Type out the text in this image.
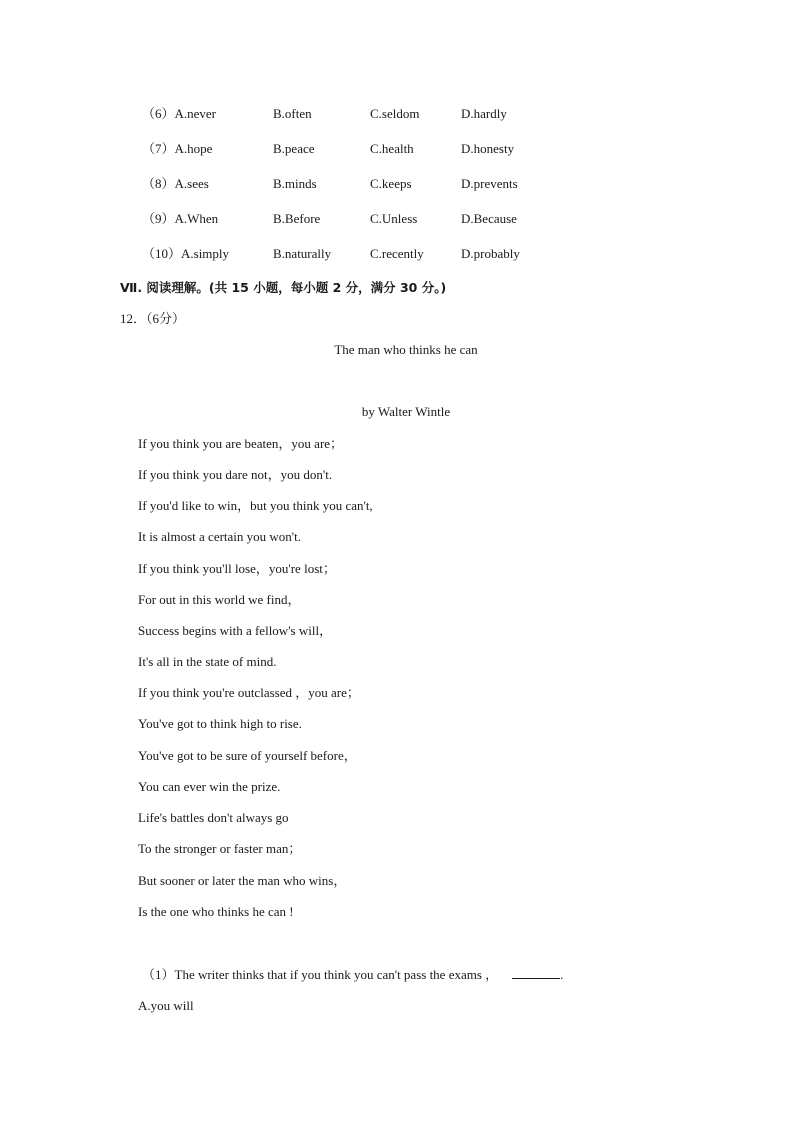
（6）A.never	B.often	C.seldom	D.hardly
（7）A.hope	B.peace	C.health	D.honesty
（8）A.sees	B.minds	C.keeps	D.prevents
（9）A.When	B.Before	C.Unless	D.Because
（10）A.simply	B.naturally	C.recently	D.probably
Ⅶ. 阅读理解。(共 15 小题，每小题 2 分，满分 30 分。)
12．（6分）
The man who thinks he can
by Walter Wintle
If you think you are beaten，you are；
If you think you dare not，you don't.
If you'd like to win，but you think you can't,
It is almost a certain you won't.
If you think you'll lose，you're lost；
For out in this world we find，
Success begins with a fellow's will，
It's all in the state of mind.
If you think you're outclassed ，you are；
You've got to think high to rise.
You've got to be sure of yourself before，
You can ever win the prize.
Life's battles don't always go
To the stronger or faster man；
But sooner or later the man who wins，
Is the one who thinks he can !
（1）The writer thinks that if you think you can't pass the exams ，	.
A.you will
